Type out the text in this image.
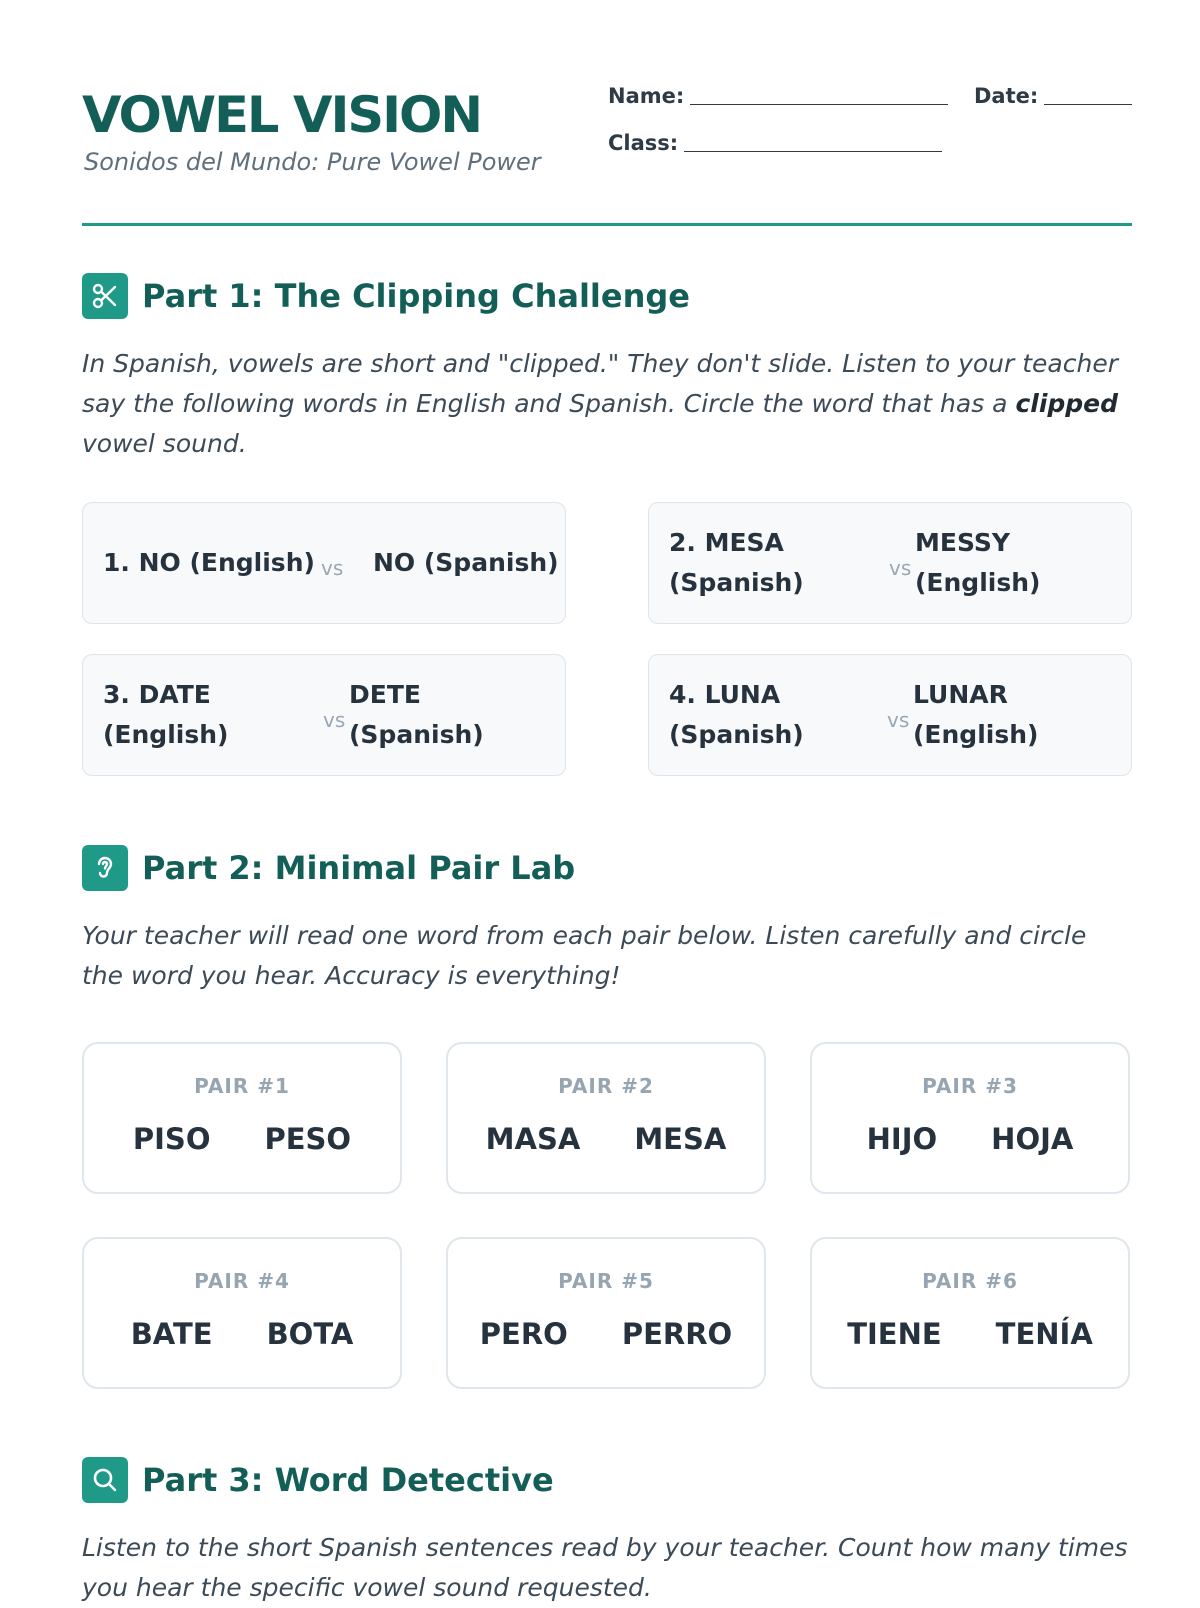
VOWEL VISION
Sonidos del Mundo: Pure Vowel Power
Name:	Date:
Class:
Part 1: The Clipping Challenge
In Spanish, vowels are short and "clipped." They don't slide. Listen to your teacher say the following words in English and Spanish. Circle the word that has a clipped vowel sound.
1. NO (English) vs NO (Spanish)
2. MESA
(Spanish)	vs
MESSY
(English)
3. DATE
(English)	vs
DETE
(Spanish)
4. LUNA
(Spanish)	vs
LUNAR
(English)
Part 2: Minimal Pair Lab
Your teacher will read one word from each pair below. Listen carefully and circle the word you hear. Accuracy is everything!
PAIR #1
PISO PESO
PAIR #2
MASA MESA
PAIR #3
HIJO HOJA
PAIR #4
BATE BOTA
PAIR #5
PERO PERRO
PAIR #6
TIENE TENÍA
Part 3: Word Detective
Listen to the short Spanish sentences read by your teacher. Count how many times you hear the specific vowel sound requested.
